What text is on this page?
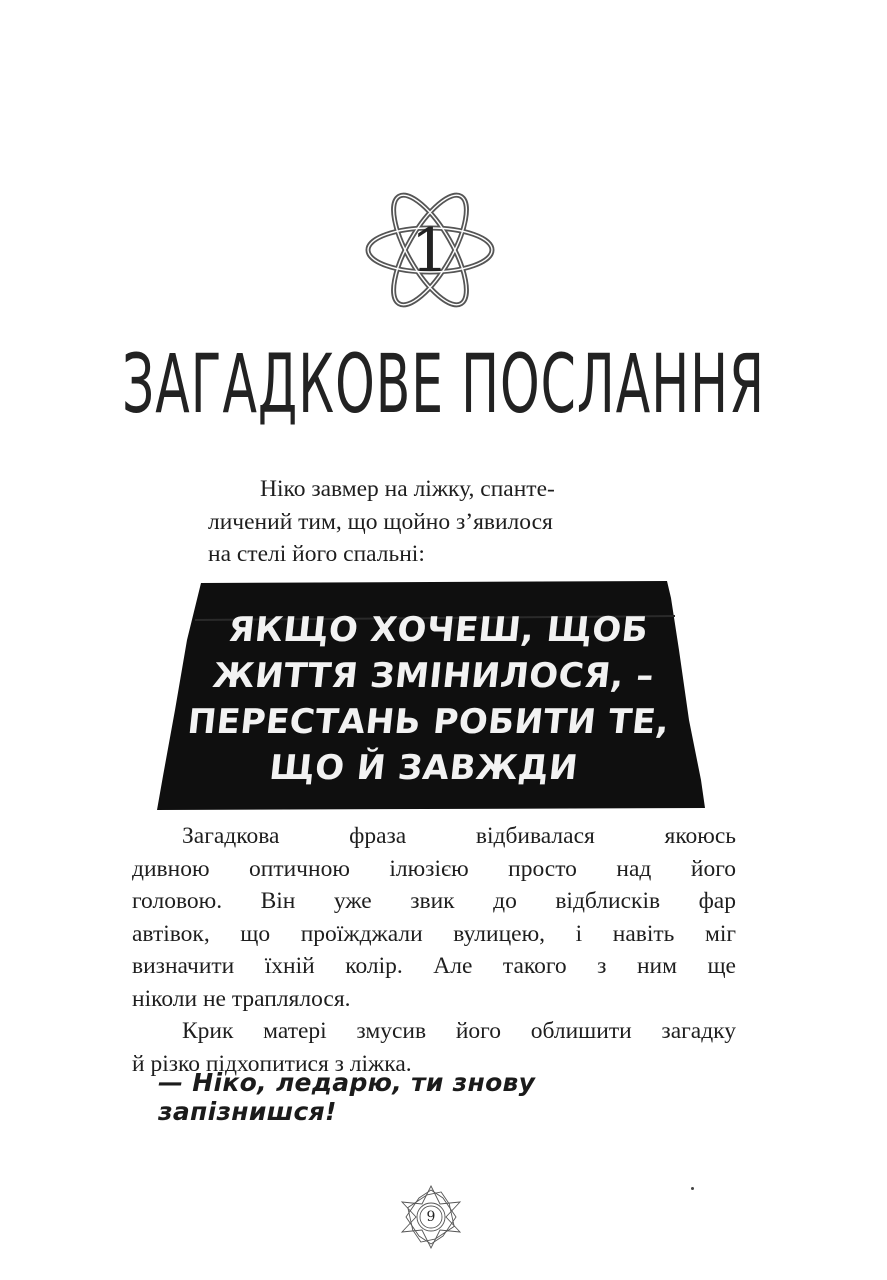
1
ЗАГАДКОВЕ ПОСЛАННЯ
Ніко завмер на ліжку, спанте-
личений тим, що щойно з’явилося
на стелі його спальні:
ЯКЩО ХОЧЕШ, ЩОБ
ЖИТТЯ ЗМІНИЛОСЯ, –
ПЕРЕСТАНЬ РОБИТИ ТЕ,
ЩО Й ЗАВЖДИ
Загадкова фраза відбивалася якоюсь
дивною оптичною ілюзією просто над його
головою. Він уже звик до відблисків фар
автівок, що проїжджали вулицею, і навіть міг
визначити їхній колір. Але такого з ним ще
ніколи не траплялося.
Крик матері змусив його облишити загадку
й різко підхопитися з ліжка.
— Ніко, ледарю, ти знову запізнишся!
9
